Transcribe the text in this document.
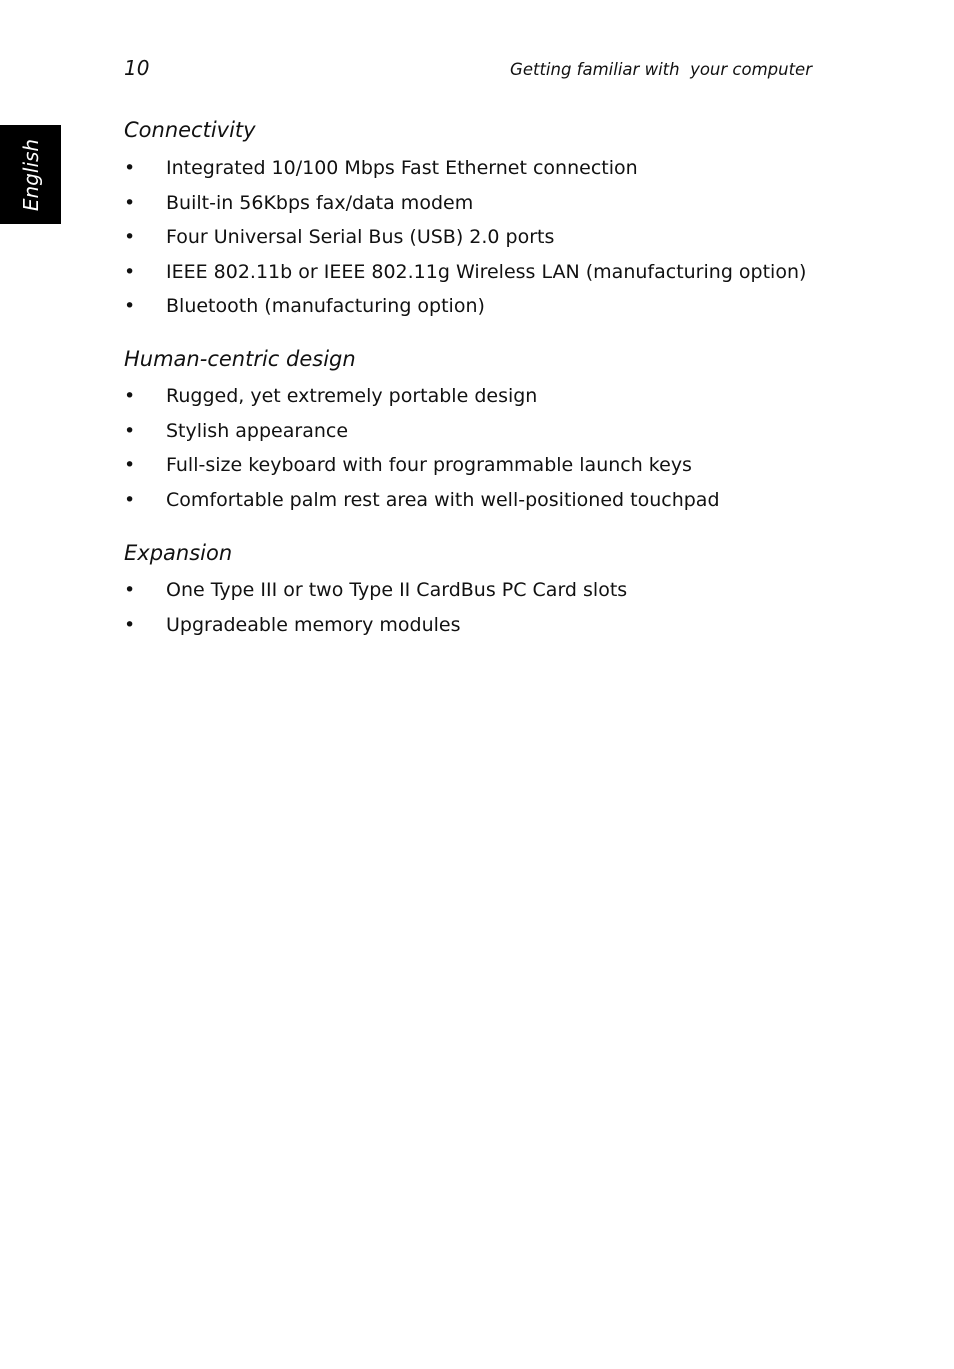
10	Getting familiar with  your computer
English
Connectivity
• Integrated 10/100 Mbps Fast Ethernet connection
• Built-in 56Kbps fax/data modem
• Four Universal Serial Bus (USB) 2.0 ports
• IEEE 802.11b or IEEE 802.11g Wireless LAN (manufacturing option)
• Bluetooth (manufacturing option)
Human-centric design
• Rugged, yet extremely portable design
• Stylish appearance
• Full-size keyboard with four programmable launch keys
• Comfortable palm rest area with well-positioned touchpad
Expansion
• One Type III or two Type II CardBus PC Card slots
• Upgradeable memory modules
